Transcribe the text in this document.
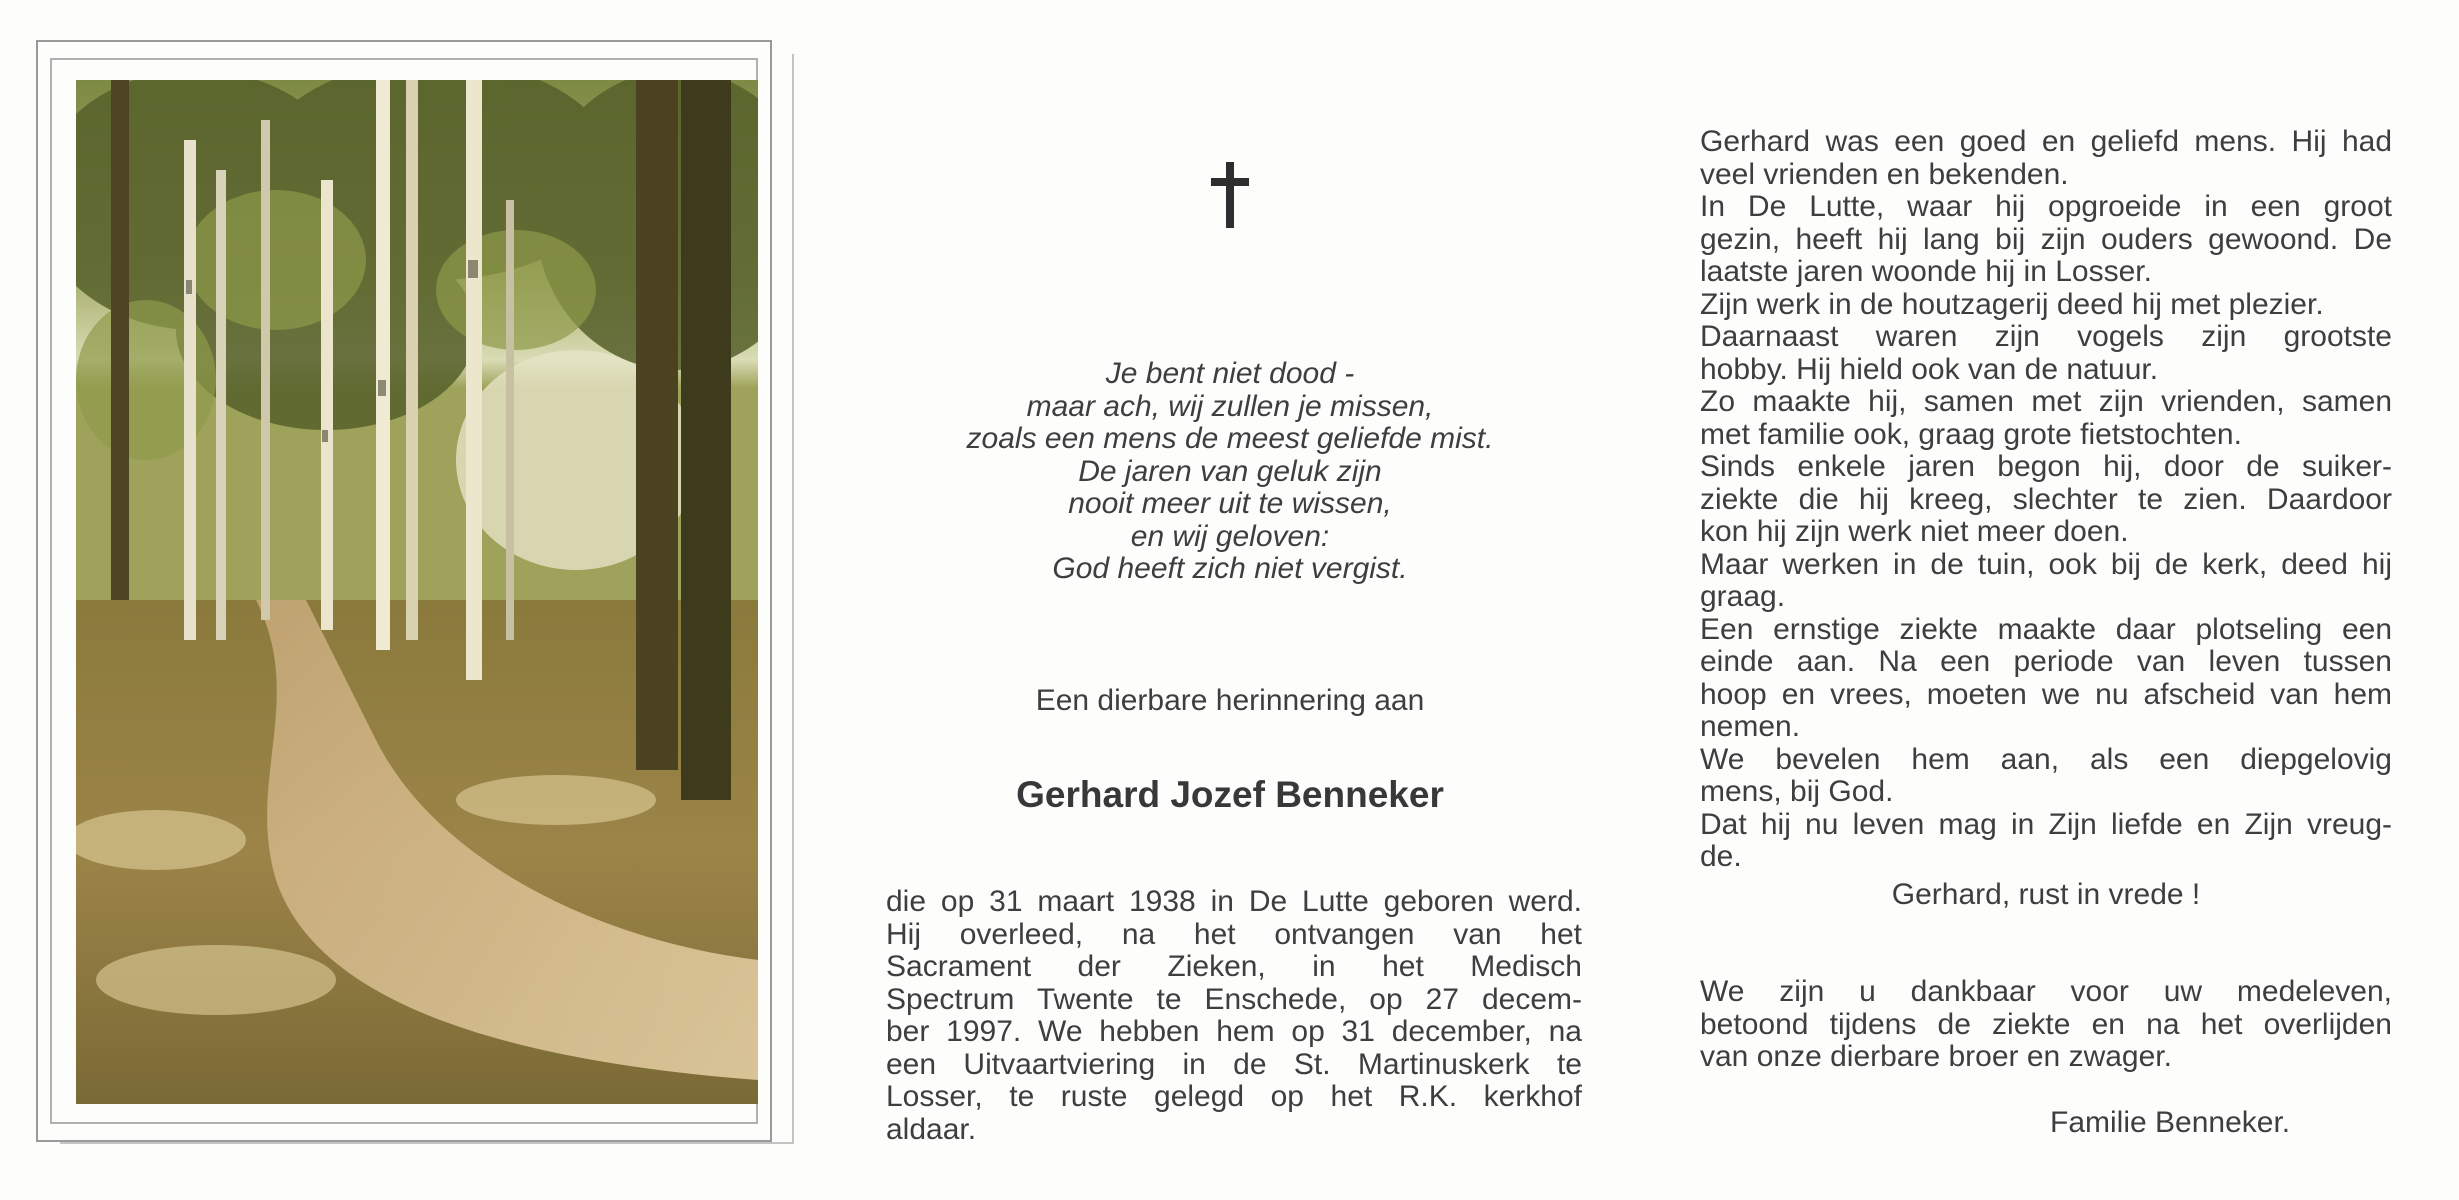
Je bent niet dood -
maar ach, wij zullen je missen,
zoals een mens de meest geliefde mist.
De jaren van geluk zijn
nooit meer uit te wissen,
en wij geloven:
God heeft zich niet vergist.
Een dierbare herinnering aan
Gerhard Jozef Benneker
die op 31 maart 1938 in De Lutte geboren werd.
Hij overleed, na het ontvangen van het
Sacrament der Zieken, in het Medisch
Spectrum Twente te Enschede, op 27 decem-
ber 1997. We hebben hem op 31 december, na
een Uitvaartviering in de St. Martinuskerk te
Losser, te ruste gelegd op het R.K. kerkhof
aldaar.
Gerhard was een goed en geliefd mens. Hij had
veel vrienden en bekenden.
In De Lutte, waar hij opgroeide in een groot
gezin, heeft hij lang bij zijn ouders gewoond. De
laatste jaren woonde hij in Losser.
Zijn werk in de houtzagerij deed hij met plezier.
Daarnaast waren zijn vogels zijn grootste
hobby. Hij hield ook van de natuur.
Zo maakte hij, samen met zijn vrienden, samen
met familie ook, graag grote fietstochten.
Sinds enkele jaren begon hij, door de suiker-
ziekte die hij kreeg, slechter te zien. Daardoor
kon hij zijn werk niet meer doen.
Maar werken in de tuin, ook bij de kerk, deed hij
graag.
Een ernstige ziekte maakte daar plotseling een
einde aan. Na een periode van leven tussen
hoop en vrees, moeten we nu afscheid van hem
nemen.
We bevelen hem aan, als een diepgelovig
mens, bij God.
Dat hij nu leven mag in Zijn liefde en Zijn vreug-
de.
Gerhard, rust in vrede !
We zijn u dankbaar voor uw medeleven,
betoond tijdens de ziekte en na het overlijden
van onze dierbare broer en zwager.
Familie Benneker.
